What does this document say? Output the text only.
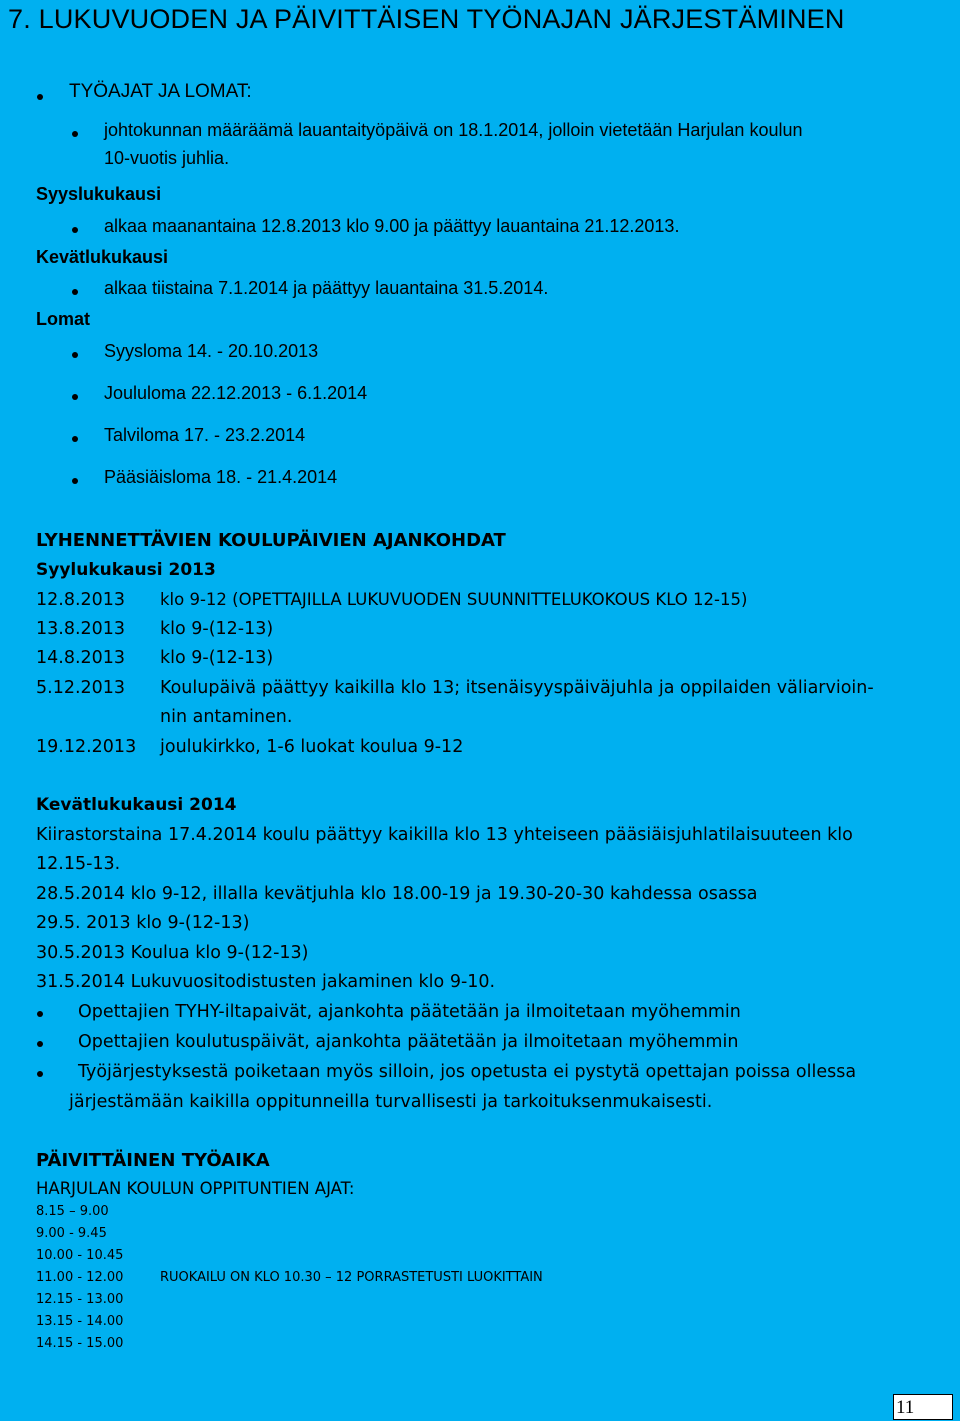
7. LUKUVUODEN JA PÄIVITTÄISEN TYÖNAJAN JÄRJESTÄMINEN
TYÖAJAT JA LOMAT:
johtokunnan määräämä lauantaityöpäivä on 18.1.2014, jolloin vietetään Harjulan koulun
10-vuotis juhlia.
Syyslukukausi
alkaa maanantaina 12.8.2013 klo 9.00 ja päättyy lauantaina 21.12.2013.
Kevätlukukausi
alkaa tiistaina 7.1.2014 ja päättyy lauantaina 31.5.2014.
Lomat
Syysloma 14. - 20.10.2013
Joululoma 22.12.2013 - 6.1.2014
Talviloma 17. - 23.2.2014
Pääsiäisloma 18. - 21.4.2014
LYHENNETTÄVIEN KOULUPÄIVIEN AJANKOHDAT
Syylukukausi 2013
12.8.2013 klo 9-12 (OPETTAJILLA LUKUVUODEN SUUNNITTELUKOKOUS KLO 12-15)
13.8.2013 klo 9-(12-13)
14.8.2013 klo 9-(12-13)
5.12.2013 Koulupäivä päättyy kaikilla klo 13; itsenäisyyspäiväjuhla ja oppilaiden väliarvioin-
nin antaminen.
19.12.2013 joulukirkko, 1-6 luokat koulua 9-12
Kevätlukukausi 2014
Kiirastorstaina 17.4.2014 koulu päättyy kaikilla klo 13 yhteiseen pääsiäisjuhlatilaisuuteen klo
12.15-13.
28.5.2014 klo 9-12, illalla kevätjuhla klo 18.00-19 ja 19.30-20-30 kahdessa osassa
29.5. 2013 klo 9-(12-13)
30.5.2013 Koulua klo 9-(12-13)
31.5.2014 Lukuvuositodistusten jakaminen klo 9-10.
Opettajien TYHY-iltapaivät, ajankohta päätetään ja ilmoitetaan myöhemmin
Opettajien koulutuspäivät, ajankohta päätetään ja ilmoitetaan myöhemmin
Työjärjestyksestä poiketaan myös silloin, jos opetusta ei pystytä opettajan poissa ollessa
järjestämään kaikilla oppitunneilla turvallisesti ja tarkoituksenmukaisesti.
PÄIVITTÄINEN TYÖAIKA
HARJULAN KOULUN OPPITUNTIEN AJAT:
8.15 – 9.00
9.00 - 9.45
10.00 - 10.45
11.00 - 12.00	RUOKAILU ON KLO 10.30 – 12 PORRASTETUSTI LUOKITTAIN
12.15 - 13.00
13.15 - 14.00
14.15 - 15.00
11
